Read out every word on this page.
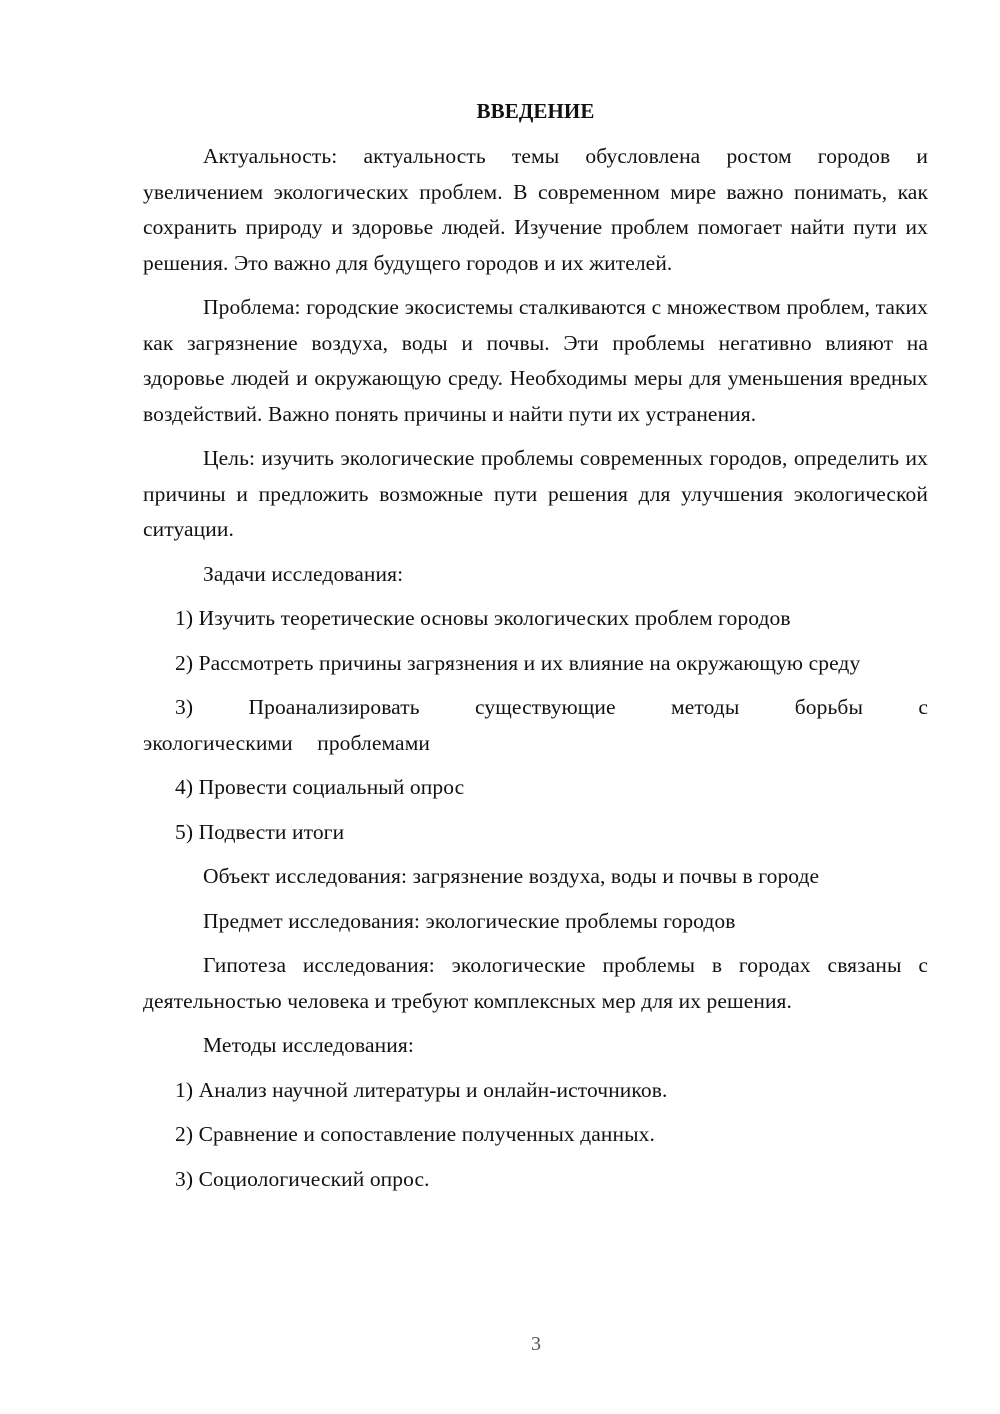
ВВЕДЕНИЕ

Актуальность: актуальность темы обусловлена ростом городов и увеличением экологических проблем. В современном мире важно понимать, как сохранить природу и здоровье людей. Изучение проблем помогает найти пути их решения. Это важно для будущего городов и их жителей.

Проблема: городские экосистемы сталкиваются с множеством проблем, таких как загрязнение воздуха, воды и почвы. Эти проблемы негативно влияют на здоровье людей и окружающую среду. Необходимы меры для уменьшения вредных воздействий. Важно понять причины и найти пути их устранения.

Цель: изучить экологические проблемы современных городов, определить их причины и предложить возможные пути решения для улучшения экологической ситуации.

Задачи исследования:

1) Изучить теоретические основы экологических проблем городов

2) Рассмотреть причины загрязнения и их влияние на окружающую среду

3) Проанализировать существующие методы борьбы с экологическими проблемами

4) Провести социальный опрос

5) Подвести итоги

Объект исследования: загрязнение воздуха, воды и почвы в городе

Предмет исследования: экологические проблемы городов

Гипотеза исследования: экологические проблемы в городах связаны с деятельностью человека и требуют комплексных мер для их решения.

Методы исследования:

1) Анализ научной литературы и онлайн-источников.

2) Сравнение и сопоставление полученных данных.

3) Социологический опрос.

3
